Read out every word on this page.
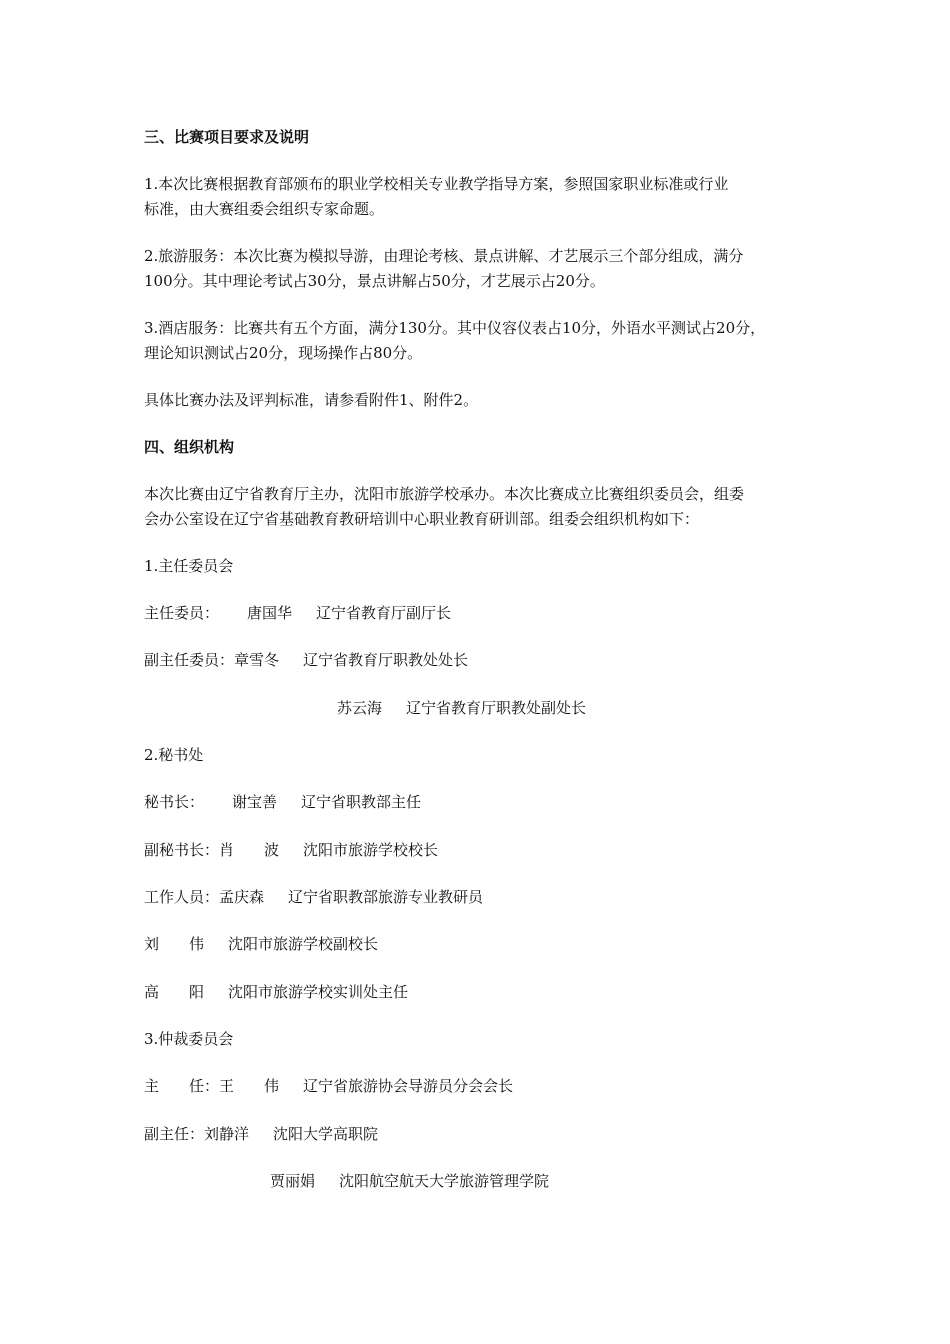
三、比赛项目要求及说明
1.本次比赛根据教育部颁布的职业学校相关专业教学指导方案，参照国家职业标准或行业
标准，由大赛组委会组织专家命题。
2.旅游服务：本次比赛为模拟导游，由理论考核、景点讲解、才艺展示三个部分组成，满分
100分。其中理论考试占30分，景点讲解占50分，才艺展示占20分。
3.酒店服务：比赛共有五个方面，满分130分。其中仪容仪表占10分，外语水平测试占20分，
理论知识测试占20分，现场操作占80分。
具体比赛办法及评判标准，请参看附件1、附件2。
四、组织机构
本次比赛由辽宁省教育厅主办，沈阳市旅游学校承办。本次比赛成立比赛组织委员会，组委
会办公室设在辽宁省基础教育教研培训中心职业教育研训部。组委会组织机构如下：
1.主任委员会
主任委员： 唐国华 辽宁省教育厅副厅长
副主任委员：章雪冬 辽宁省教育厅职教处处长
苏云海 辽宁省教育厅职教处副处长
2.秘书处
秘书长： 谢宝善 辽宁省职教部主任
副秘书长：肖　　波 沈阳市旅游学校校长
工作人员：孟庆森 辽宁省职教部旅游专业教研员
刘　　伟 沈阳市旅游学校副校长
高　　阳 沈阳市旅游学校实训处主任
3.仲裁委员会
主　　任：王　　伟 辽宁省旅游协会导游员分会会长
副主任：刘静洋 沈阳大学高职院
贾丽娟 沈阳航空航天大学旅游管理学院
